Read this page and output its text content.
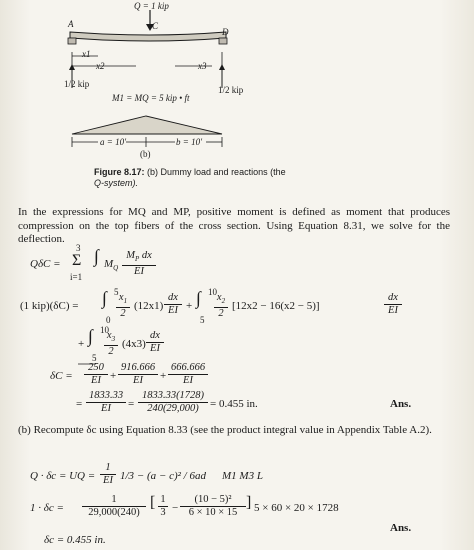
Q = 1 kip
A	C
D
x1
x2	x3
1/2 kip
1/2 kip
M1 = MQ = 5 kip • ft
a = 10′	b = 10′
(b)
Figure 8.17: (b) Dummy load and reactions (the
Q-system).
In the expressions for MQ and MP, positive moment is defined as moment that produces compression on the top fibers of the cross section. Using Equation 8.31, we solve for the deflection.
QδC =
3
Σ
i=1
∫ $M_Q \frac{M_P dx}{EI}$
(1 kip)(δC) = ∫ 5
$0 \frac{x_1}{2} (12x1) \frac{dx}{EI}$ + ∫ 10
$5 \frac{x_2}{2} [12x2 - 16(x2 - 5)]$	$\frac{dx}{EI}$
+ ∫ 10
$5 \frac{x_3}{2} (4x3) \frac{dx}{EI}$
$\delta C = \frac{250}{EI} + \frac{916.666}{EI} + \frac{666.666}{EI}$
= $\frac{1833.33}{EI} = \frac{1833.33(1728)}{240(29,000)} = 0.455$ in.	Ans.
(b) Recompute δc using Equation 8.33 (see the product integral value in Appendix Table A.2).
Q · δc = UQ = $\frac{1}{EI} 1/3 - (a - c)^2 / 6ad$ M1 M3 L
$1 \cdot \delta c = \frac{1}{29,000(240)}$ [ $\frac{1}{3} - \frac{\text{(10 − 5)²}}{6 \times 10 \times 15}$ ] 5 × 60 × 20 × 1728
Ans.
δc = 0.455 in.
